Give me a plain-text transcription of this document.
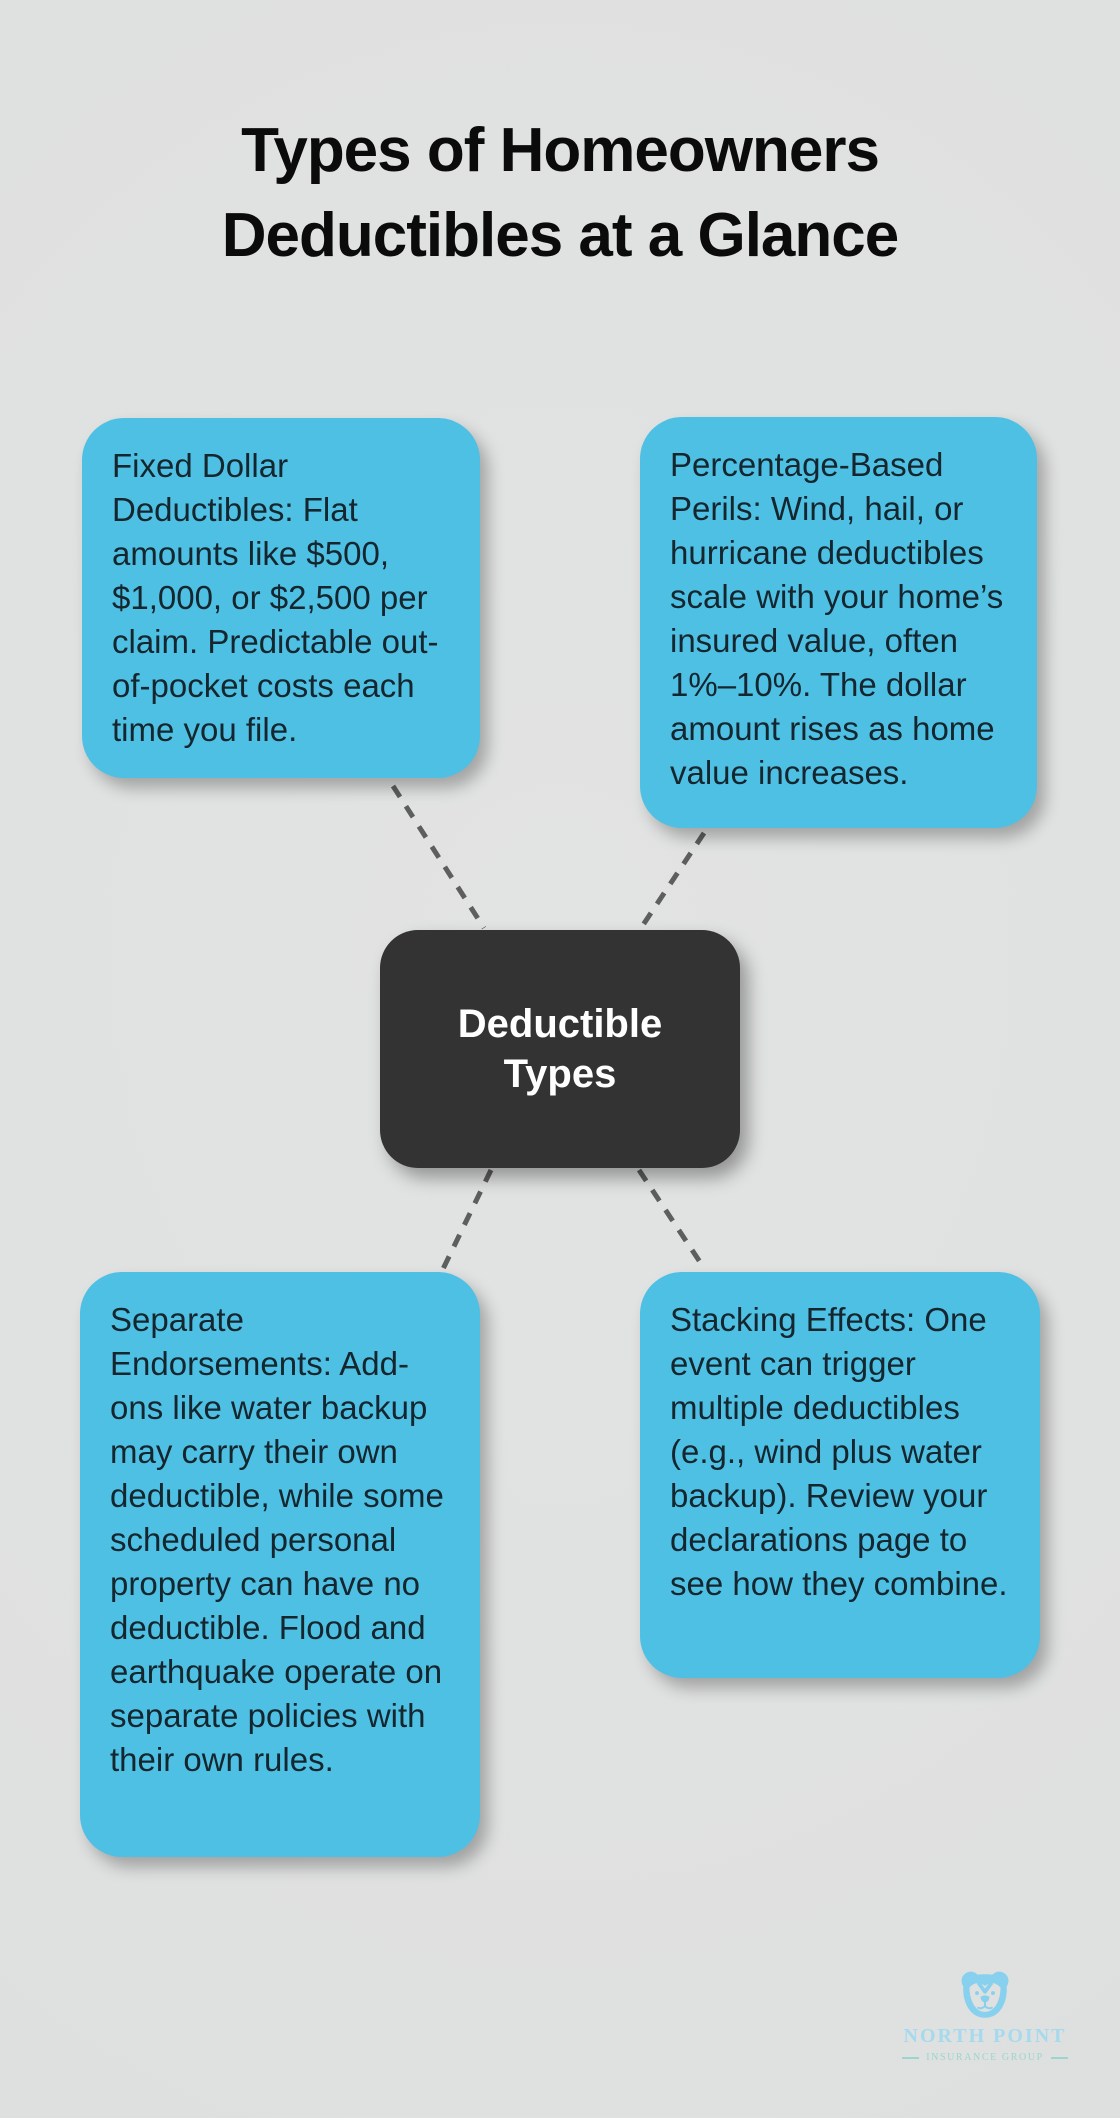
Types of Homeowners
Deductibles at a Glance

Fixed Dollar Deductibles: Flat amounts like $500, $1,000, or $2,500 per claim. Predictable out-of-pocket costs each time you file.

Percentage-Based Perils: Wind, hail, or hurricane deductibles scale with your home’s insured value, often 1%–10%. The dollar amount rises as home value increases.

Deductible Types

Separate Endorsements: Add-ons like water backup may carry their own deductible, while some scheduled personal property can have no deductible. Flood and earthquake operate on separate policies with their own rules.

Stacking Effects: One event can trigger multiple deductibles (e.g., wind plus water backup). Review your declarations page to see how they combine.

NORTH POINT
INSURANCE GROUP
